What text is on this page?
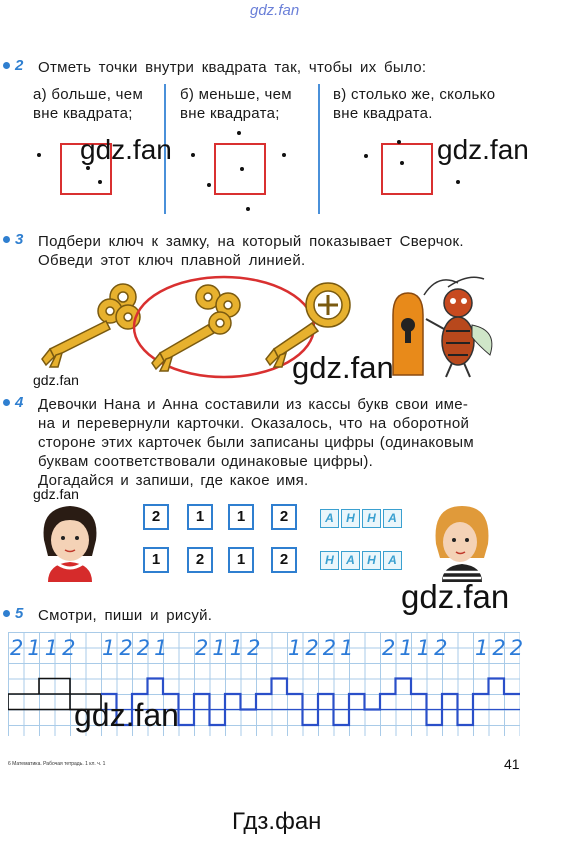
gdz.fan
2 Отметь точки внутри квадрата так, чтобы их было:
а) больше, чем
вне квадрата;
б) меньше, чем
вне квадрата;
в) столько же, сколько
вне квадрата.
gdz.fan	gdz.fan
3 Подбери ключ к замку, на который показывает Сверчок.
Обведи этот ключ плавной линией.
gdz.fan	gdz.fan
4 Девочки Нана и Анна составили из кассы букв свои име-
на и перевернули карточки. Оказалось, что на оборотной
стороне этих карточек были записаны цифры (одинаковым
буквам соответствовали одинаковые цифры).
Догадайся и запиши, где какое имя.
gdz.fan
2	1	1	2	А	Н	Н	А
1	2	1	2	Н	А	Н	А
gdz.fan
5 Смотри, пиши и рисуй.
2112 1221 2112 1221 2112 122
gdz.fan
6 Математика. Рабочая тетрадь. 1 кл. ч. 1	41
Гдз.фан
